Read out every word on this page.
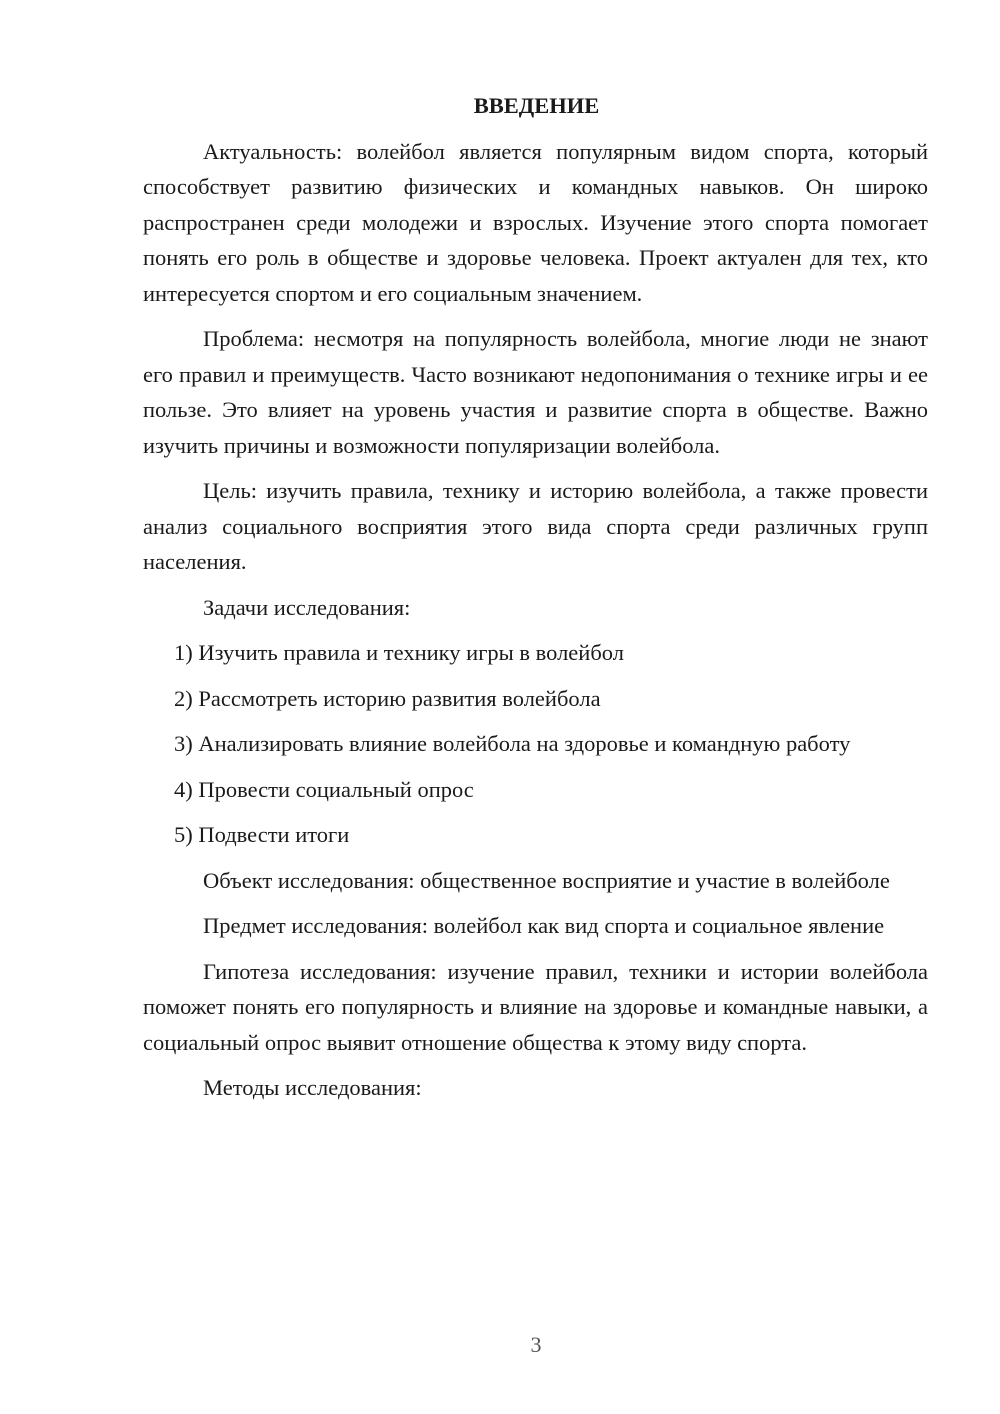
ВВЕДЕНИЕ

Актуальность: волейбол является популярным видом спорта, который способствует развитию физических и командных навыков. Он широко распространен среди молодежи и взрослых. Изучение этого спорта помогает понять его роль в обществе и здоровье человека. Проект актуален для тех, кто интересуется спортом и его социальным значением.

Проблема: несмотря на популярность волейбола, многие люди не знают его правил и преимуществ. Часто возникают недопонимания о технике игры и ее пользе. Это влияет на уровень участия и развитие спорта в обществе. Важно изучить причины и возможности популяризации волейбола.

Цель: изучить правила, технику и историю волейбола, а также провести анализ социального восприятия этого вида спорта среди различных групп населения.

Задачи исследования:

1) Изучить правила и технику игры в волейбол

2) Рассмотреть историю развития волейбола

3) Анализировать влияние волейбола на здоровье и командную работу

4) Провести социальный опрос

5) Подвести итоги

Объект исследования: общественное восприятие и участие в волейболе

Предмет исследования: волейбол как вид спорта и социальное явление

Гипотеза исследования: изучение правил, техники и истории волейбола поможет понять его популярность и влияние на здоровье и командные навыки, а социальный опрос выявит отношение общества к этому виду спорта.

Методы исследования:

3
